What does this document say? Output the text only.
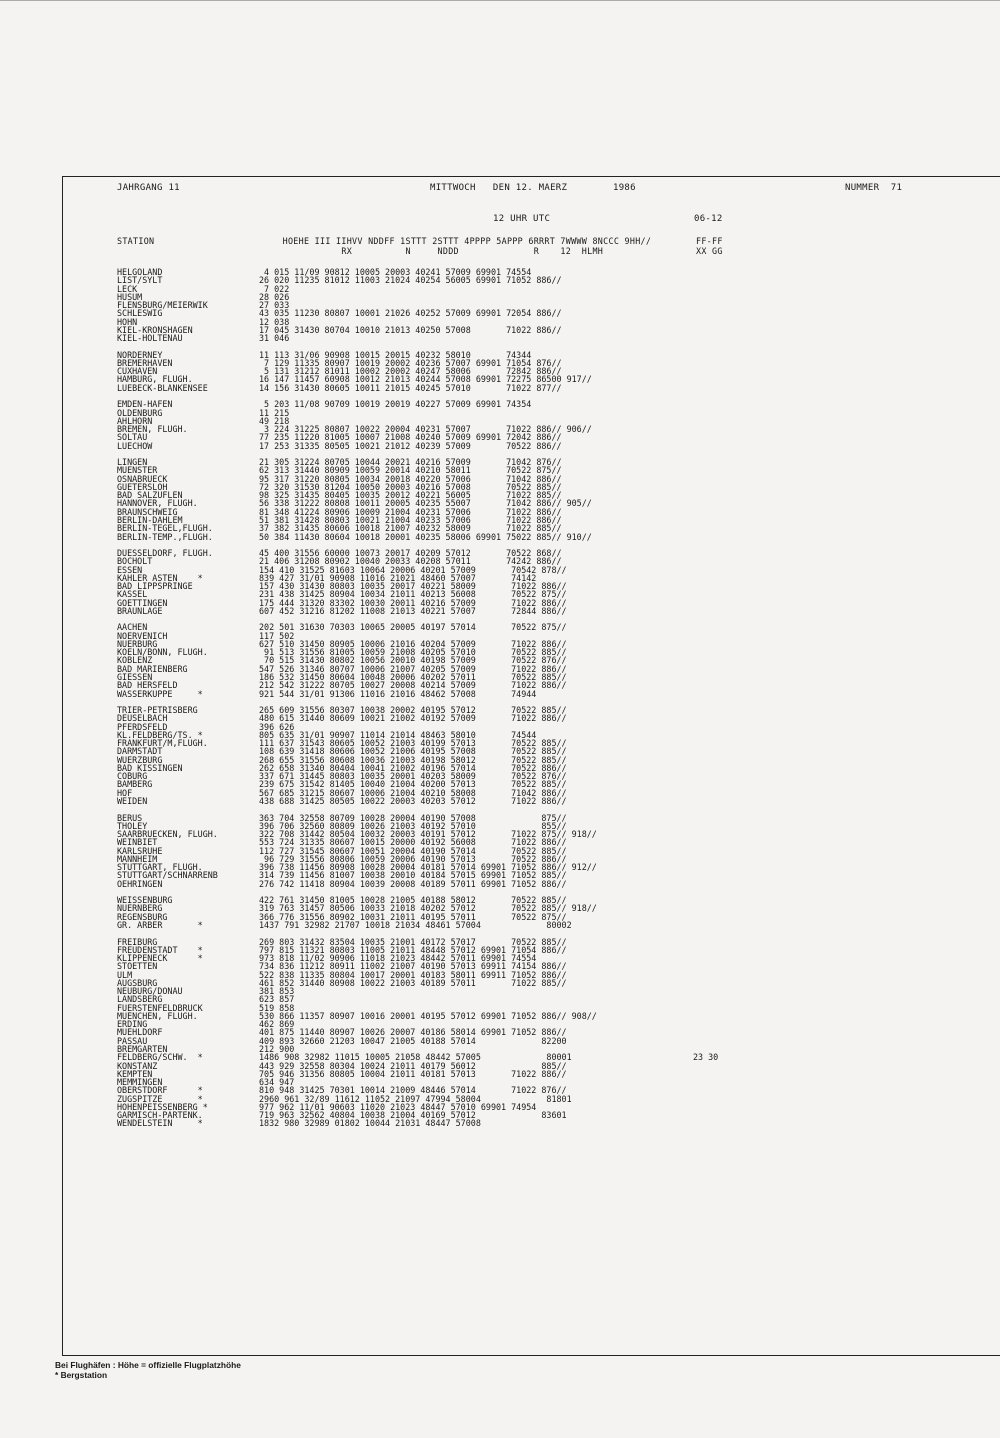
JAHRGANG 11	MITTWOCH   DEN 12. MAERZ        1986	NUMMER  71
12 UHR UTC	06-12
STATION                        HOEHE III IIHVV NDDFF 1STTT 2STTT 4PPPP 5APPP 6RRRT 7WWWW 8NCCC 9HH//
RX          N     NDDD              R    12  HLMH
FF-FF
XX GG
HELGOLAND	4 015 11/09 90812 10005 20003 40241 57009 69901 74554
LIST/SYLT	26 020 11235 81012 11003 21024 40254 56005 69901 71052 886//
LECK	7 022
HUSUM	28 026
FLENSBURG/MEIERWIK	27 033
SCHLESWIG	43 035 11230 80807 10001 21026 40252 57009 69901 72054 886//
HOHN	12 038
KIEL-KRONSHAGEN	17 045 31430 80704 10010 21013 40250 57008       71022 886//
KIEL-HOLTENAU	31 046
NORDERNEY	11 113 31/06 90908 10015 20015 40232 58010       74344
BREMERHAVEN	7 129 11335 80907 10019 20002 40236 57007 69901 71054 876//
CUXHAVEN	5 131 31212 81011 10002 20002 40247 58006       72842 886//
HAMBURG, FLUGH.	16 147 11457 60908 10012 21013 40244 57008 69901 72275 86500 917//
LUEBECK-BLANKENSEE	14 156 31430 80605 10011 21015 40245 57010       71022 877//
EMDEN-HAFEN	5 203 11/08 90709 10019 20019 40227 57009 69901 74354
OLDENBURG	11 215
AHLHORN	49 218
BREMEN, FLUGH.	3 224 31225 80807 10022 20004 40231 57007       71022 886// 906//
SOLTAU	77 235 11220 81005 10007 21008 40240 57009 69901 72042 886//
LUECHOW	17 253 31335 80505 10021 21012 40239 57009       70522 886//
LINGEN	21 305 31224 80705 10044 20021 40216 57009       71042 876//
MUENSTER	62 313 31440 80909 10059 20014 40210 58011       70522 875//
OSNABRUECK	95 317 31220 80805 10034 20018 40220 57006       71042 886//
GUETERSLOH	72 320 31530 81204 10050 20003 40216 57008       70522 885//
BAD SALZUFLEN	98 325 31435 80405 10035 20012 40221 56005       71022 885//
HANNOVER, FLUGH.	56 338 31222 80808 10011 20005 40235 55007       71042 886// 905//
BRAUNSCHWEIG	81 348 41224 80906 10009 21004 40231 57006       71022 886//
BERLIN-DAHLEM	51 381 31428 80803 10021 21004 40233 57006       71022 886//
BERLIN-TEGEL,FLUGH.	37 382 31435 80606 10018 21007 40232 58009       71022 885//
BERLIN-TEMP.,FLUGH.	50 384 11430 80604 10018 20001 40235 58006 69901 75022 885// 910//
DUESSELDORF, FLUGH.	45 400 31556 60000 10073 20017 40209 57012       70522 868//
BOCHOLT	21 406 31208 80902 10040 20033 40208 57011       74242 886//
ESSEN	154 410 31525 81603 10064 20006 40201 57009       70542 878//
KAHLER ASTEN    *	839 427 31/01 90908 11016 21021 48460 57007       74142
BAD LIPPSPRINGE	157 430 31430 80803 10035 20017 40221 58009       71022 886//
KASSEL	231 438 31425 80904 10034 21011 40213 56008       70522 875//
GOETTINGEN	175 444 31320 83302 10030 20011 40216 57009       71022 886//
BRAUNLAGE	607 452 31216 81202 11008 21013 40221 57007       72844 886//
AACHEN	202 501 31630 70303 10065 20005 40197 57014       70522 875//
NOERVENICH	117 502
NUERBURG	627 510 31450 80905 10006 21016 40204 57009       71022 886//
KOELN/BONN, FLUGH.	91 513 31556 81005 10059 21008 40205 57010       70522 885//
KOBLENZ	70 515 31430 80802 10056 20010 40198 57009       70522 876//
BAD MARIENBERG	547 526 31346 80707 10006 21007 40205 57009       71022 886//
GIESSEN	186 532 31450 80604 10048 20006 40202 57011       70522 885//
BAD HERSFELD	212 542 31222 80705 10027 20008 40214 57009       71022 886//
WASSERKUPPE     *	921 544 31/01 91306 11016 21016 48462 57008       74944
TRIER-PETRISBERG	265 609 31556 80307 10038 20002 40195 57012       70522 885//
DEUSELBACH	480 615 31440 80609 10021 21002 40192 57009       71022 886//
PFERDSFELD	396 626
KL.FELDBERG/TS. *	805 635 31/01 90907 11014 21014 48463 58010       74544
FRANKFURT/M,FLUGH.	111 637 31543 80605 10052 21003 40199 57013       70522 885//
DARMSTADT	108 639 31418 80606 10052 21006 40195 57008       70522 885//
WUERZBURG	268 655 31556 80608 10036 21003 40198 58012       70522 885//
BAD KISSINGEN	262 658 31340 80404 10041 21002 40196 57014       70522 886//
COBURG	337 671 31445 80803 10035 20001 40203 58009       70522 876//
BAMBERG	239 675 31542 81405 10040 21004 40200 57013       70522 885//
HOF	567 685 31215 80607 10006 21004 40210 58008       71042 886//
WEIDEN	438 688 31425 80505 10022 20003 40203 57012       71022 886//
BERUS	363 704 32558 80709 10028 20004 40190 57008             875//
THOLEY	396 706 32560 80809 10026 21003 40192 57010             855//
SAARBRUECKEN, FLUGH.	322 708 31442 80504 10032 20003 40191 57012       71022 875// 918//
WEINBIET	553 724 31335 80607 10015 20000 40192 56008       71022 886//
KARLSRUHE	112 727 31545 80607 10051 20004 40190 57014       70522 885//
MANNHEIM	96 729 31556 80806 10059 20006 40190 57013       70522 886//
STUTTGART, FLUGH.	396 738 11456 80908 10028 20004 40181 57014 69901 71052 886// 912//
STUTTGART/SCHNARRENB	314 739 11456 81007 10038 20010 40184 57015 69901 71052 885//
OEHRINGEN	276 742 11418 80904 10039 20008 40189 57011 69901 71052 886//
WEISSENBURG	422 761 31450 81005 10028 21005 40188 58012       70522 885//
NUERNBERG	319 763 31457 80506 10033 21018 40202 57012       70522 885// 918//
REGENSBURG	366 776 31556 80902 10031 21011 40195 57011       70522 875//
GR. ARBER       *	1437 791 32982 21707 10018 21034 48461 57004             80002
FREIBURG	269 803 31432 83504 10035 21001 40172 57017       70522 885//
FREUDENSTADT    *	797 815 11321 80803 11005 21011 48448 57012 69901 71054 886//
KLIPPENECK      *	973 818 11/02 90906 11018 21023 48442 57011 69901 74554
STOETTEN	734 836 11212 80911 11002 21007 40190 57013 69911 74154 886//
ULM	522 838 11335 80804 10017 20001 40183 58011 69911 71052 886//
AUGSBURG	461 852 31440 80908 10022 21003 40189 57011       71022 885//
NEUBURG/DONAU	381 853
LANDSBERG	623 857
FUERSTENFELDBRUCK	519 858
MUENCHEN, FLUGH.	530 866 11357 80907 10016 20001 40195 57012 69901 71052 886// 908//
ERDING	462 869
MUEHLDORF	401 875 11440 80907 10026 20007 40186 58014 69901 71052 886//
PASSAU	409 893 32660 21203 10047 21005 40188 57014             82200
BREMGARTEN	212 900
FELDBERG/SCHW.  *	1486 908 32982 11015 10005 21058 48442 57005             80001	23 30
KONSTANZ	443 929 32558 80304 10024 21011 40179 56012             885//
KEMPTEN	705 946 31356 80805 10004 21011 40181 57013       71022 886//
MEMMINGEN	634 947
OBERSTDORF      *	810 948 31425 70301 10014 21009 48446 57014       71022 876//
ZUGSPITZE       *	2960 961 32/89 11612 11052 21097 47994 58004             81801
HOHENPEISSENBERG *	977 962 11/01 90603 11020 21023 48447 57010 69901 74954
GARMISCH-PARTENK.	719 963 32562 40804 10038 21004 40169 57012             83601
WENDELSTEIN     *	1832 980 32989 01802 10044 21031 48447 57008
Bei Flughäfen : Höhe = offizielle Flugplatzhöhe
* Bergstation
